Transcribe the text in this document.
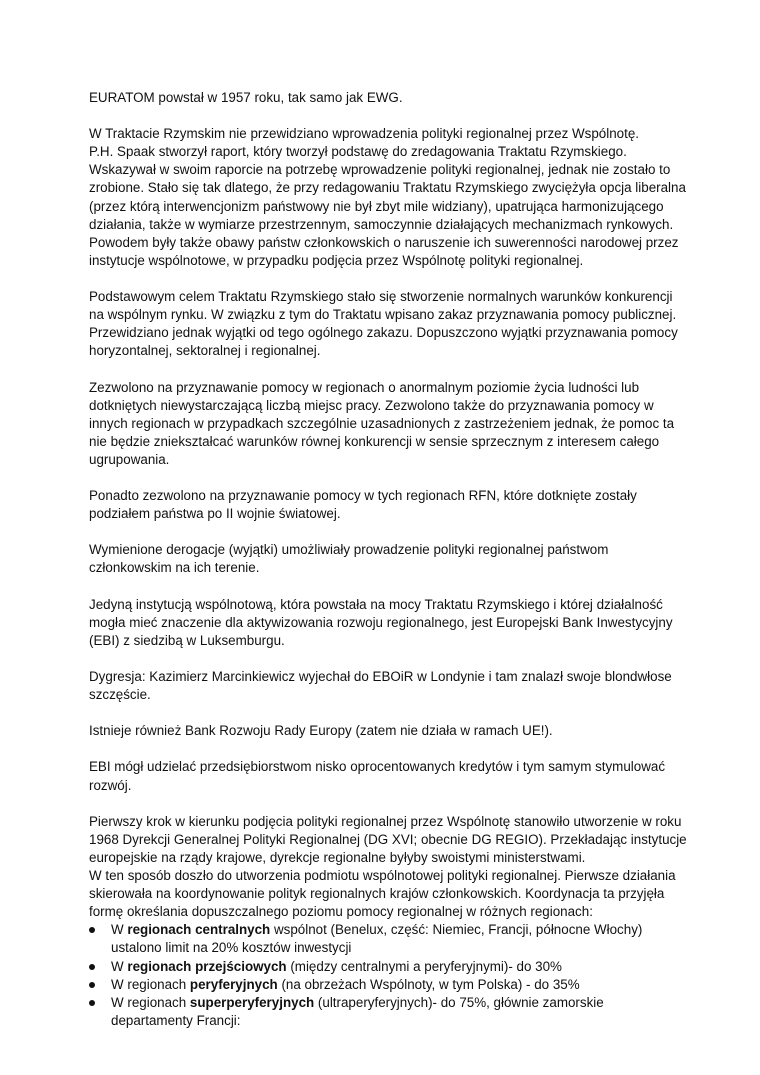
EURATOM powstał w 1957 roku, tak samo jak EWG.

W Traktacie Rzymskim nie przewidziano wprowadzenia polityki regionalnej przez Wspólnotę.

P.H. Spaak stworzył raport, który tworzył podstawę do zredagowania Traktatu Rzymskiego. Wskazywał w swoim raporcie na potrzebę wprowadzenie polityki regionalnej, jednak nie zostało to zrobione. Stało się tak dlatego, że przy redagowaniu Traktatu Rzymskiego zwyciężyła opcja liberalna (przez którą interwencjonizm państwowy nie był zbyt mile widziany), upatrująca harmonizującego działania, także w wymiarze przestrzennym, samoczynnie działających mechanizmach rynkowych. Powodem były także obawy państw członkowskich o naruszenie ich suwerenności narodowej przez instytucje wspólnotowe, w przypadku podjęcia przez Wspólnotę polityki regionalnej.

Podstawowym celem Traktatu Rzymskiego stało się stworzenie normalnych warunków konkurencji na wspólnym rynku. W związku z tym do Traktatu wpisano zakaz przyznawania pomocy publicznej. Przewidziano jednak wyjątki od tego ogólnego zakazu. Dopuszczono wyjątki przyznawania pomocy horyzontalnej, sektoralnej i regionalnej.

Zezwolono na przyznawanie pomocy w regionach o anormalnym poziomie życia ludności lub dotkniętych niewystarczającą liczbą miejsc pracy. Zezwolono także do przyznawania pomocy w innych regionach w przypadkach szczególnie uzasadnionych z zastrzeżeniem jednak, że pomoc ta nie będzie zniekształcać warunków równej konkurencji w sensie sprzecznym z interesem całego ugrupowania.

Ponadto zezwolono na przyznawanie pomocy w tych regionach RFN, które dotknięte zostały podziałem państwa po II wojnie światowej.

Wymienione derogacje (wyjątki) umożliwiały prowadzenie polityki regionalnej państwom członkowskim na ich terenie.

Jedyną instytucją wspólnotową, która powstała na mocy Traktatu Rzymskiego i której działalność mogła mieć znaczenie dla aktywizowania rozwoju regionalnego, jest Europejski Bank Inwestycyjny (EBI) z siedzibą w Luksemburgu.

Dygresja: Kazimierz Marcinkiewicz wyjechał do EBOiR w Londynie i tam znalazł swoje blondwłose szczęście.

Istnieje również Bank Rozwoju Rady Europy (zatem nie działa w ramach UE!).

EBI mógł udzielać przedsiębiorstwom nisko oprocentowanych kredytów i tym samym stymulować rozwój.

Pierwszy krok w kierunku podjęcia polityki regionalnej przez Wspólnotę stanowiło utworzenie w roku 1968 Dyrekcji Generalnej Polityki Regionalnej (DG XVI; obecnie DG REGIO). Przekładając instytucje europejskie na rządy krajowe, dyrekcje regionalne byłyby swoistymi ministerstwami.

W ten sposób doszło do utworzenia podmiotu wspólnotowej polityki regionalnej. Pierwsze działania skierowała na koordynowanie polityk regionalnych krajów członkowskich. Koordynacja ta przyjęła formę określania dopuszczalnego poziomu pomocy regionalnej w różnych regionach:

W regionach centralnych wspólnot (Benelux, część: Niemiec, Francji, północne Włochy) ustalono limit na 20% kosztów inwestycji
W regionach przejściowych (między centralnymi a peryferyjnymi)- do 30%
W regionach peryferyjnych (na obrzeżach Wspólnoty, w tym Polska) - do 35%
W regionach superperyferyjnych (ultraperyferyjnych)- do 75%, głównie zamorskie departamenty Francji:
